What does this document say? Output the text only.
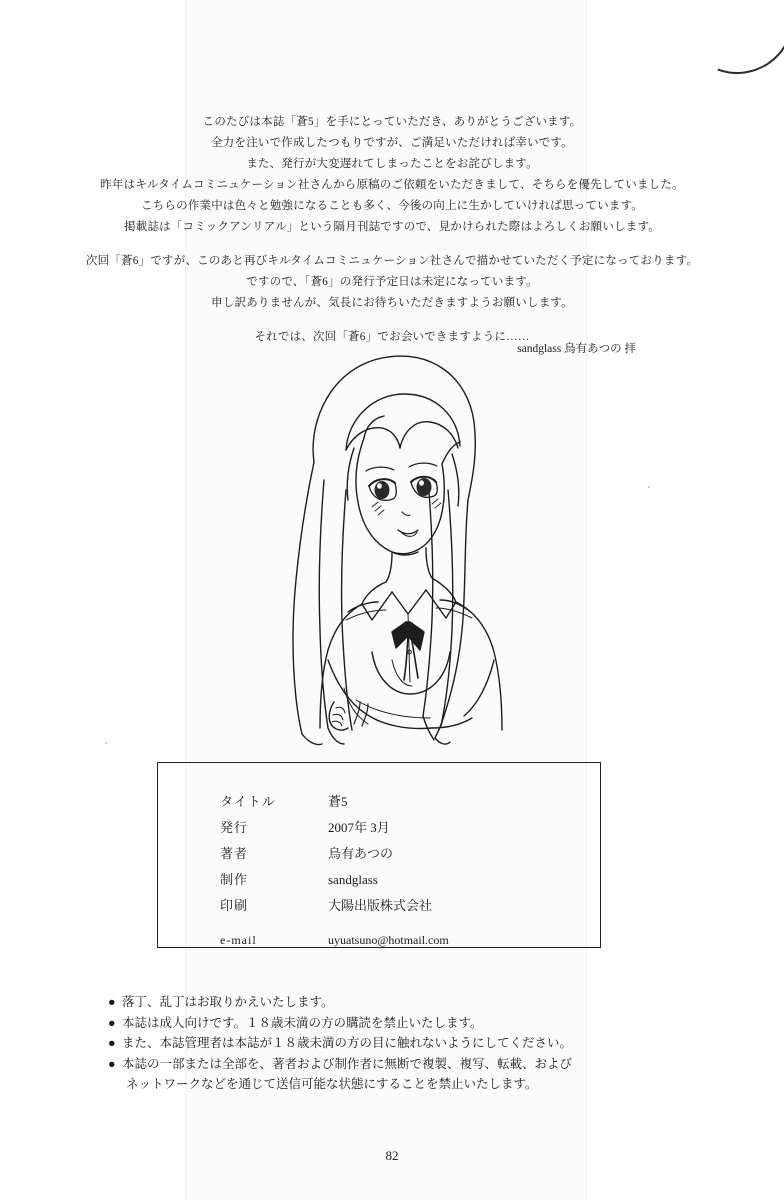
このたびは本誌「蒼5」を手にとっていただき、ありがとうございます。

全力を注いで作成したつもりですが、ご満足いただければ幸いです。

また、発行が大変遅れてしまったことをお詫びします。

昨年はキルタイムコミニュケーション社さんから原稿のご依頼をいただきまして、そちらを優先していました。

こちらの作業中は色々と勉強になることも多く、今後の向上に生かしていければ思っています。

掲載誌は「コミックアンリアル」という隔月刊誌ですので、見かけられた際はよろしくお願いします。

次回「蒼6」ですが、このあと再びキルタイムコミニュケーション社さんで描かせていただく予定になっております。

ですので、「蒼6」の発行予定日は未定になっています。

申し訳ありませんが、気長にお待ちいただきますようお願いします。

それでは、次回「蒼6」でお会いできますように……

sandglass 烏有あつの 拝
タイトル	蒼5
発行	2007年 3月
著者	烏有あつの
制作	sandglass
印刷	大陽出版株式会社
e-mail	uyuatsuno@hotmail.com
● 落丁、乱丁はお取りかえいたします。
● 本誌は成人向けです。１８歳未満の方の購読を禁止いたします。
● また、本誌管理者は本誌が１８歳未満の方の目に触れないようにしてください。
● 本誌の一部または全部を、著者および制作者に無断で複製、複写、転載、および
ネットワークなどを通じて送信可能な状態にすることを禁止いたします。
82
